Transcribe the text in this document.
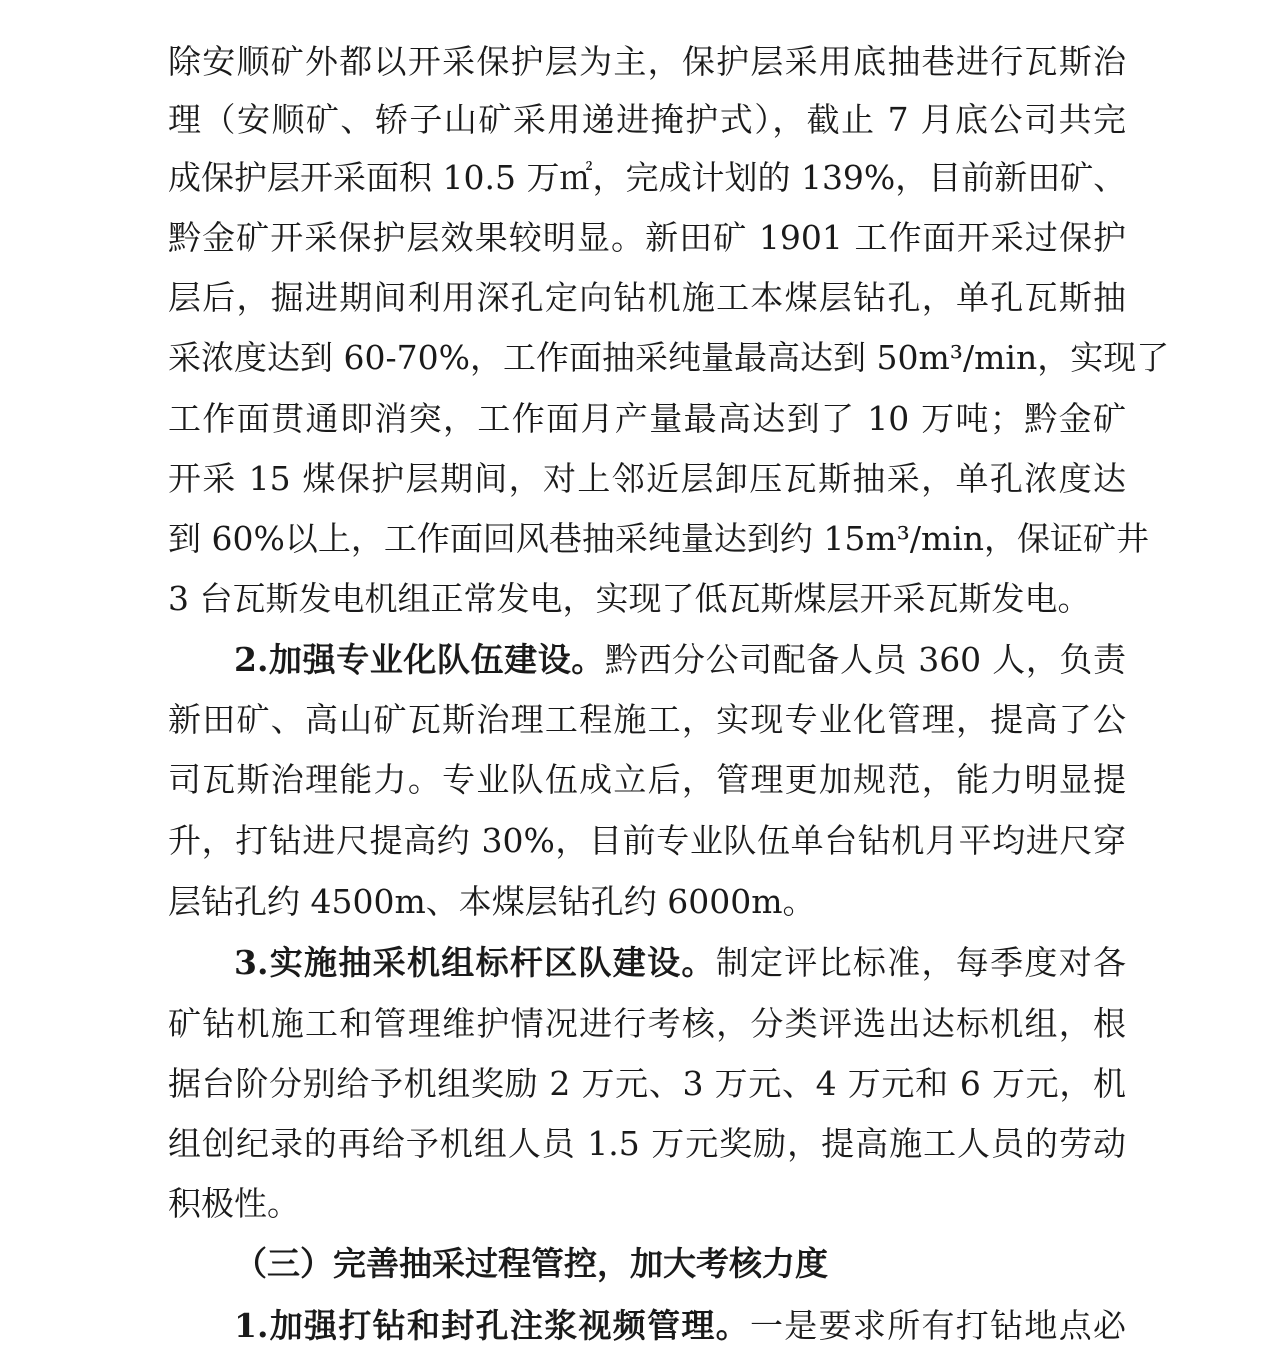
除安顺矿外都以开采保护层为主，保护层采用底抽巷进行瓦斯治
理（安顺矿、轿子山矿采用递进掩护式），截止 7 月底公司共完
成保护层开采面积 10.5 万㎡，完成计划的 139%，目前新田矿、
黔金矿开采保护层效果较明显。新田矿 1901 工作面开采过保护
层后，掘进期间利用深孔定向钻机施工本煤层钻孔，单孔瓦斯抽
采浓度达到 60-70%，工作面抽采纯量最高达到 50m³/min，实现了
工作面贯通即消突，工作面月产量最高达到了 10 万吨；黔金矿
开采 15 煤保护层期间，对上邻近层卸压瓦斯抽采，单孔浓度达
到 60%以上，工作面回风巷抽采纯量达到约 15m³/min，保证矿井
3 台瓦斯发电机组正常发电，实现了低瓦斯煤层开采瓦斯发电。
2.加强专业化队伍建设。黔西分公司配备人员 360 人，负责
新田矿、高山矿瓦斯治理工程施工，实现专业化管理，提高了公
司瓦斯治理能力。专业队伍成立后，管理更加规范，能力明显提
升，打钻进尺提高约 30%，目前专业队伍单台钻机月平均进尺穿
层钻孔约 4500m、本煤层钻孔约 6000m。
3.实施抽采机组标杆区队建设。制定评比标准，每季度对各
矿钻机施工和管理维护情况进行考核，分类评选出达标机组，根
据台阶分别给予机组奖励 2 万元、3 万元、4 万元和 6 万元，机
组创纪录的再给予机组人员 1.5 万元奖励，提高施工人员的劳动
积极性。
（三）完善抽采过程管控，加大考核力度
1.加强打钻和封孔注浆视频管理。一是要求所有打钻地点必
